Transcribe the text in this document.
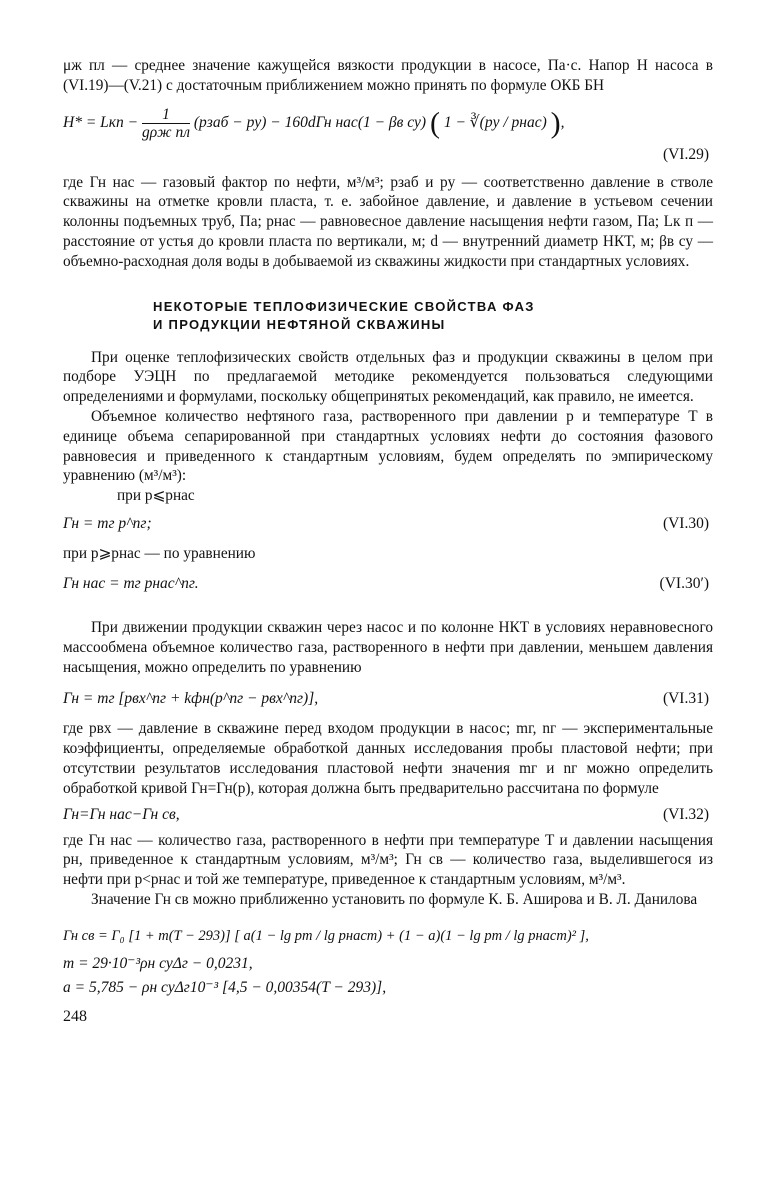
μж пл — среднее значение кажущейся вязкости продукции в насосе, Па·с. Напор H насоса в (VI.19)—(V.21) с достаточным приближением можно принять по формуле ОКБ БН

H* = Lкп − $\frac{1}{\text{gρж пл}}$ (pзаб − pу) − 160dГн нас(1 − βв су) ( 1 − ∛(pу / pнас) ),
(VI.29)

где Гн нас — газовый фактор по нефти, м³/м³; pзаб и pу — соответственно давление в стволе скважины на отметке кровли пласта, т. е. забойное давление, и давление в устьевом сечении колонны подъемных труб, Па; pнас — равновесное давление насыщения нефти газом, Па; Lк п — расстояние от устья до кровли пласта по вертикали, м; d — внутренний диаметр НКТ, м; βв су — объемно-расходная доля воды в добываемой из скважины жидкости при стандартных условиях.

НЕКОТОРЫЕ ТЕПЛОФИЗИЧЕСКИЕ СВОЙСТВА ФАЗ
И ПРОДУКЦИИ НЕФТЯНОЙ СКВАЖИНЫ

При оценке теплофизических свойств отдельных фаз и продукции скважины в целом при подборе УЭЦН по предлагаемой методике рекомендуется пользоваться следующими определениями и формулами, поскольку общепринятых рекомендаций, как правило, не имеется.

Объемное количество нефтяного газа, растворенного при давлении p и температуре T в единице объема сепарированной при стандартных условиях нефти до состояния фазового равновесия и приведенного к стандартным условиям, будем определять по эмпирическому уравнению (м³/м³):

при p⩽pнас
Гн = mг p^nг;	(VI.30)
при p⩾pнас — по уравнению
Гн нас = mг pнас^nг.	(VI.30′)

При движении продукции скважин через насос и по колонне НКТ в условиях неравновесного массообмена объемное количество газа, растворенного в нефти при давлении, меньшем давления насыщения, можно определить по уравнению

Гн = mг [pвх^nг + kфн(p^nг − pвх^nг)],	(VI.31)

где pвх — давление в скважине перед входом продукции в насос; mг, nг — экспериментальные коэффициенты, определяемые обработкой данных исследования пробы пластовой нефти; при отсутствии результатов исследования пластовой нефти значения mг и nг можно определить обработкой кривой Гн=Гн(p), которая должна быть предварительно рассчитана по формуле

Гн=Гн нас−Гн св,	(VI.32)

где Гн нас — количество газа, растворенного в нефти при температуре T и давлении насыщения pн, приведенное к стандартным условиям, м³/м³; Гн св — количество газа, выделившегося из нефти при p<pнас и той же температуре, приведенное к стандартным условиям, м³/м³.

Значение Гн св можно приближенно установить по формуле К. Б. Аширова и В. Л. Данилова

Гн св = Г₀ [1 + m(T − 293)] [ a(1 − lg pт / lg pнаст) + (1 − a)(1 − lg pт / lg pнаст)² ],
m = 29·10⁻³ρн суΔг − 0,0231,
a = 5,785 − ρн суΔг10⁻³ [4,5 − 0,00354(T − 293)],
248
